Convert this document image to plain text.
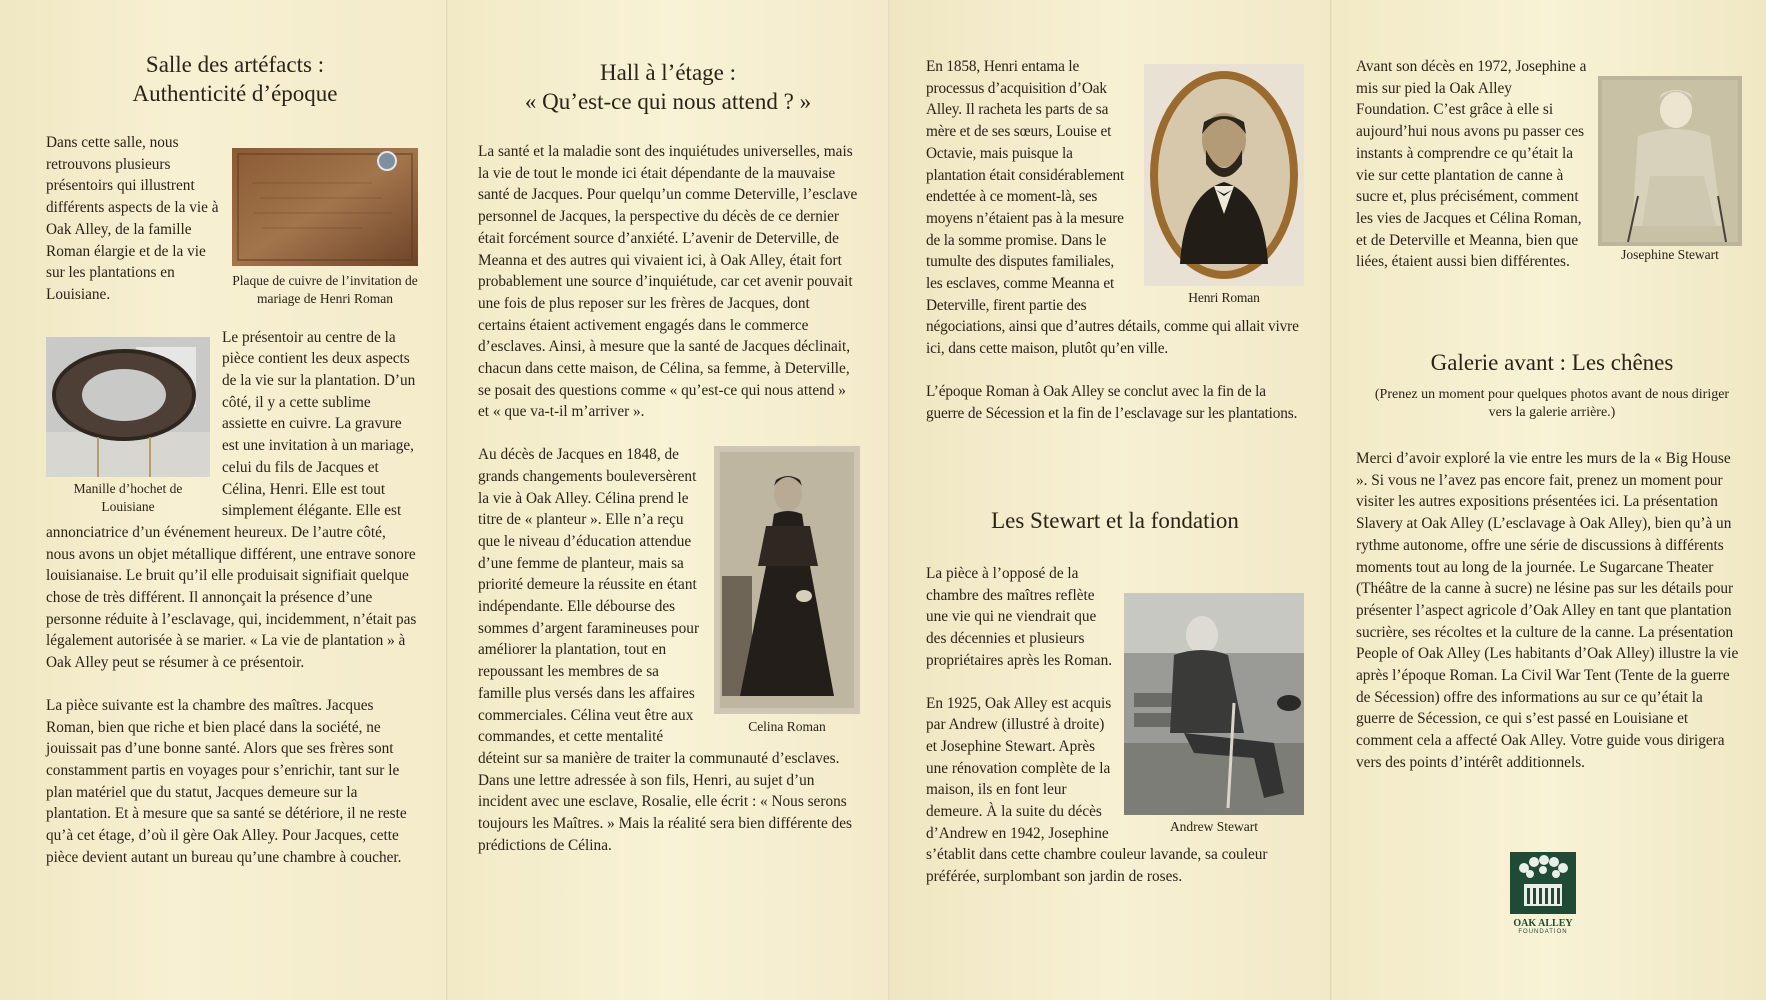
Salle des artéfacts :
Authenticité d’époque
Plaque de cuivre de l’invitation de mariage de Henri Roman

Dans cette salle, nous retrouvons plusieurs présentoirs qui illustrent différents aspects de la vie à Oak Alley, de la famille Roman élargie et de la vie sur les plantations en Louisiane.

Manille d’hochet de Louisiane

Le présentoir au centre de la pièce contient les deux aspects de la vie sur la plantation. D’un côté, il y a cette sublime assiette en cuivre. La gravure est une invitation à un mariage, celui du fils de Jacques et Célina, Henri. Elle est tout simplement élégante. Elle est annonciatrice d’un événement heureux. De l’autre côté, nous avons un objet métallique différent, une entrave sonore louisianaise. Le bruit qu’il elle produisait signifiait quelque chose de très différent. Il annonçait la présence d’une personne réduite à l’esclavage, qui, incidemment, n’était pas légalement autorisée à se marier. « La vie de plantation » à Oak Alley peut se résumer à ce présentoir.

La pièce suivante est la chambre des maîtres. Jacques Roman, bien que riche et bien placé dans la société, ne jouissait pas d’une bonne santé. Alors que ses frères sont constamment partis en voyages pour s’enrichir, tant sur le plan matériel que du statut, Jacques demeure sur la plantation. Et à mesure que sa santé se détériore, il ne reste qu’à cet étage, d’où il gère Oak Alley. Pour Jacques, cette pièce devient autant un bureau qu’une chambre à coucher.

Hall à l’étage :
« Qu’est-ce qui nous attend ? »

La santé et la maladie sont des inquiétudes universelles, mais la vie de tout le monde ici était dépendante de la mauvaise santé de Jacques. Pour quelqu’un comme Deterville, l’esclave personnel de Jacques, la perspective du décès de ce dernier était forcément source d’anxiété. L’avenir de Deterville, de Meanna et des autres qui vivaient ici, à Oak Alley, était fort probablement une source d’inquiétude, car cet avenir pouvait une fois de plus reposer sur les frères de Jacques, dont certains étaient activement engagés dans le commerce d’esclaves. Ainsi, à mesure que la santé de Jacques déclinait, chacun dans cette maison, de Célina, sa femme, à Deterville, se posait des questions comme « qu’est-ce qui nous attend » et « que va-t-il m’arriver ».

Celina Roman

Au décès de Jacques en 1848, de grands changements bouleversèrent la vie à Oak Alley. Célina prend le titre de « planteur ». Elle n’a reçu que le niveau d’éducation attendue d’une femme de planteur, mais sa priorité demeure la réussite en étant indépendante. Elle débourse des sommes d’argent faramineuses pour améliorer la plantation, tout en repoussant les membres de sa famille plus versés dans les affaires commerciales. Célina veut être aux commandes, et cette mentalité déteint sur sa manière de traiter la communauté d’esclaves. Dans une lettre adressée à son fils, Henri, au sujet d’un incident avec une esclave, Rosalie, elle écrit : « Nous serons toujours les Maîtres. » Mais la réalité sera bien différente des prédictions de Célina.

Henri Roman

En 1858, Henri entama le processus d’acquisition d’Oak Alley. Il racheta les parts de sa mère et de ses sœurs, Louise et Octavie, mais puisque la plantation était considérablement endettée à ce moment-là, ses moyens n’étaient pas à la mesure de la somme promise. Dans le tumulte des disputes familiales, les esclaves, comme Meanna et Deterville, firent partie des négociations, ainsi que d’autres détails, comme qui allait vivre ici, dans cette maison, plutôt qu’en ville.

L’époque Roman à Oak Alley se conclut avec la fin de la guerre de Sécession et la fin de l’esclavage sur les plantations.

Les Stewart et la fondation
Andrew Stewart

La pièce à l’opposé de la chambre des maîtres reflète une vie qui ne viendrait que des décennies et plusieurs propriétaires après les Roman.

En 1925, Oak Alley est acquis par Andrew (illustré à droite) et Josephine Stewart. Après une rénovation complète de la maison, ils en font leur demeure. À la suite du décès d’Andrew en 1942, Josephine s’établit dans cette chambre couleur lavande, sa couleur préférée, surplombant son jardin de roses.

Josephine Stewart

Avant son décès en 1972, Josephine a mis sur pied la Oak Alley Foundation. C’est grâce à elle si aujourd’hui nous avons pu passer ces instants à comprendre ce qu’était la vie sur cette plantation de canne à sucre et, plus précisément, comment les vies de Jacques et Célina Roman, et de Deterville et Meanna, bien que liées, étaient aussi bien différentes.

Galerie avant : Les chênes

(Prenez un moment pour quelques photos avant de nous diriger vers la galerie arrière.)

Merci d’avoir exploré la vie entre les murs de la « Big House ». Si vous ne l’avez pas encore fait, prenez un moment pour visiter les autres expositions présentées ici. La présentation Slavery at Oak Alley (L’esclavage à Oak Alley), bien qu’à un rythme autonome, offre une série de discussions à différents moments tout au long de la journée. Le Sugarcane Theater (Théâtre de la canne à sucre) ne lésine pas sur les détails pour présenter l’aspect agricole d’Oak Alley en tant que plantation sucrière, ses récoltes et la culture de la canne. La présentation People of Oak Alley (Les habitants d’Oak Alley) illustre la vie après l’époque Roman. La Civil War Tent (Tente de la guerre de Sécession) offre des informations au sur ce qu’était la guerre de Sécession, ce qui s’est passé en Louisiane et comment cela a affecté Oak Alley. Votre guide vous dirigera vers des points d’intérêt additionnels.

OAK ALLEY
FOUNDATION
